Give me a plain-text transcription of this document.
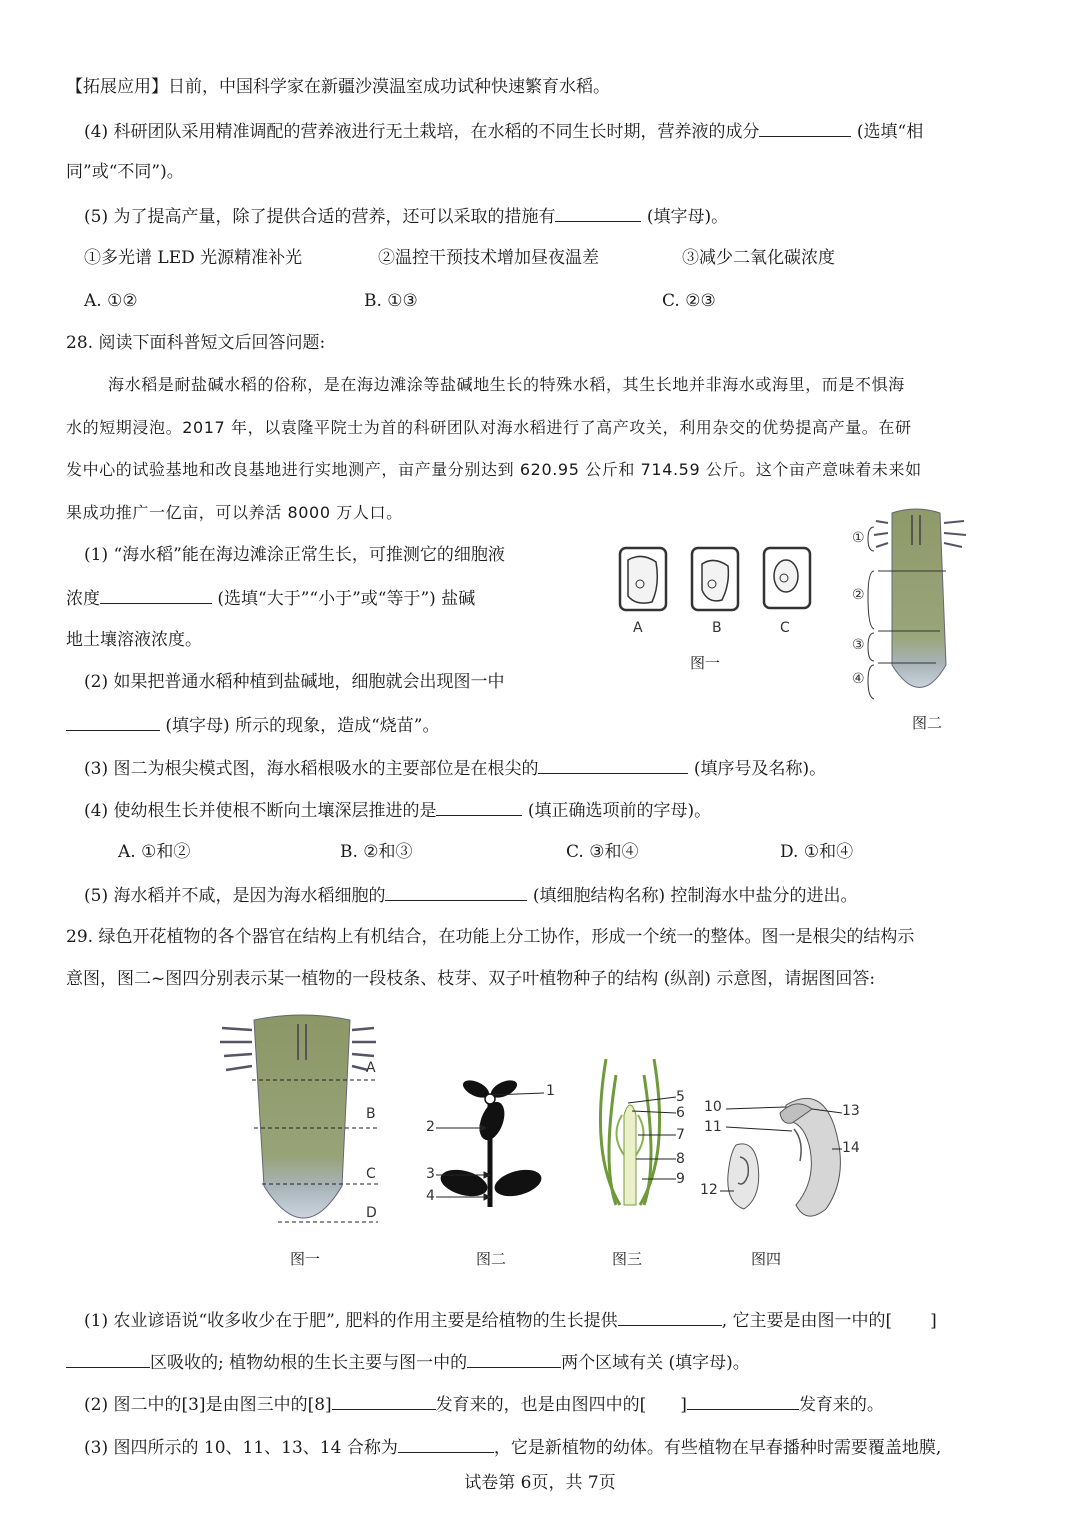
【拓展应用】日前，中国科学家在新疆沙漠温室成功试种快速繁育水稻。
(4) 科研团队采用精准调配的营养液进行无土栽培，在水稻的不同生长时期，营养液的成分	(选填“相
同”或“不同”)。
(5) 为了提高产量，除了提供合适的营养，还可以采取的措施有	(填字母)。
①多光谱 LED 光源精准补光	②温控干预技术增加昼夜温差	③减少二氧化碳浓度
A. ①②	B. ①③	C. ②③
28. 阅读下面科普短文后回答问题:
海水稻是耐盐碱水稻的俗称，是在海边滩涂等盐碱地生长的特殊水稻，其生长地并非海水或海里，而是不惧海
水的短期浸泡。2017 年，以袁隆平院士为首的科研团队对海水稻进行了高产攻关，利用杂交的优势提高产量。在研
发中心的试验基地和改良基地进行实地测产，亩产量分别达到 620.95 公斤和 714.59 公斤。这个亩产意味着未来如
果成功推广一亿亩，可以养活 8000 万人口。
(1) “海水稻”能在海边滩涂正常生长，可推测它的细胞液
浓度	(选填“大于”“小于”或“等于”) 盐碱
地土壤溶液浓度。
(2) 如果把普通水稻种植到盐碱地，细胞就会出现图一中
(填字母) 所示的现象，造成“烧苗”。
A	B	C
图一
①
②
③
④
图二
(3) 图二为根尖模式图，海水稻根吸水的主要部位是在根尖的	(填序号及名称)。
(4) 使幼根生长并使根不断向土壤深层推进的是	(填正确选项前的字母)。
A. ①和②	B. ②和③	C. ③和④	D. ①和④
(5) 海水稻并不咸，是因为海水稻细胞的	(填细胞结构名称) 控制海水中盐分的进出。
29. 绿色开花植物的各个器官在结构上有机结合，在功能上分工协作，形成一个统一的整体。图一是根尖的结构示
意图，图二~图四分别表示某一植物的一段枝条、枝芽、双子叶植物种子的结构 (纵剖) 示意图，请据图回答:
A
B
C
D
图一
1
2
3
4
图二
5
6
7
8
9
图三
10
11
12
13
14
图四
(1) 农业谚语说“收多收少在于肥”, 肥料的作用主要是给植物的生长提供	, 它主要是由图一中的[ ]
区吸收的; 植物幼根的生长主要与图一中的	两个区域有关 (填字母)。
(2) 图二中的[3]是由图三中的[8]	发育来的，也是由图四中的[ ]	发育来的。
(3) 图四所示的 10、11、13、14 合称为	，它是新植物的幼体。有些植物在早春播种时需要覆盖地膜,
试卷第 6页，共 7页
